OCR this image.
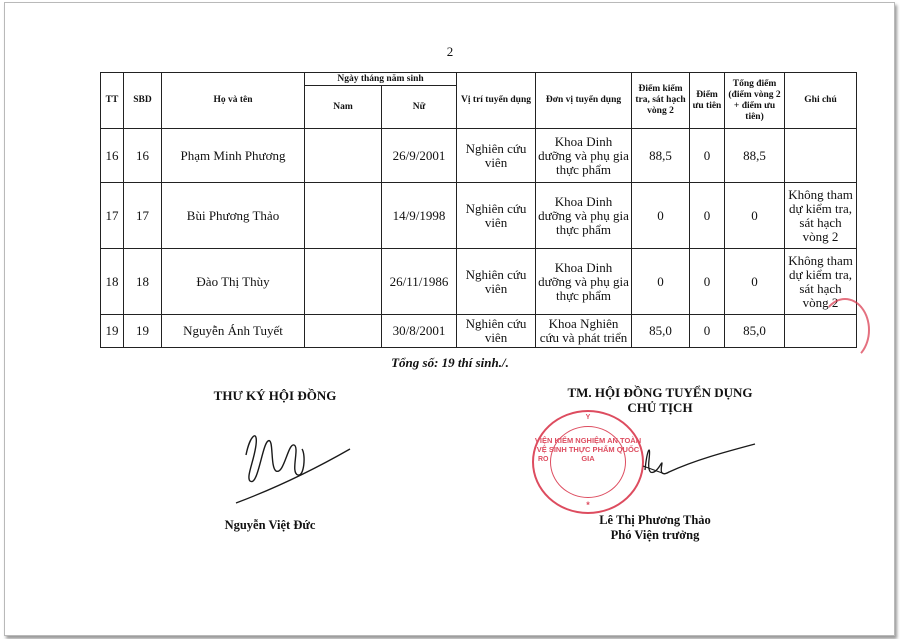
2
TT	SBD	Họ và tên	Ngày tháng năm sinh		Vị trí tuyển dụng	Đơn vị tuyển dụng	Điểm kiểm tra, sát hạch vòng 2	Điểm ưu tiên	Tổng điểm (điểm vòng 2 + điểm ưu tiên)	Ghi chú
			Nam	Nữ						
16	16	Phạm Minh Phương		26/9/2001	Nghiên cứu viên	Khoa Dinh dưỡng và phụ gia thực phẩm	88,5	0	88,5	
17	17	Bùi Phương Thảo		14/9/1998	Nghiên cứu viên	Khoa Dinh dưỡng và phụ gia thực phẩm	0	0	0	Không tham dự kiểm tra, sát hạch vòng 2
18	18	Đào Thị Thùy		26/11/1986	Nghiên cứu viên	Khoa Dinh dưỡng và phụ gia thực phẩm	0	0	0	Không tham dự kiểm tra, sát hạch vòng 2
19	19	Nguyễn Ánh Tuyết		30/8/2001	Nghiên cứu viên	Khoa Nghiên cứu và phát triển	85,0	0	85,0	
Tổng số: 19 thí sinh./.
THƯ KÝ HỘI ĐỒNG
Nguyễn Việt Đức
TM. HỘI ĐỒNG TUYỂN DỤNG
CHỦ TỊCH
Y
RO
VIỆN KIỂM NGHIỆM AN TOÀN VỆ SINH THỰC PHẨM QUỐC GIA
*
Lê Thị Phương Thảo
Phó Viện trưởng
